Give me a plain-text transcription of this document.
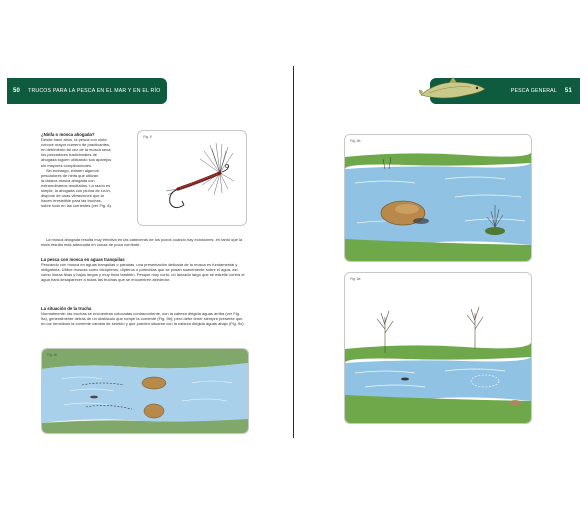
50 TRUCOS PARA LA PESCA EN EL MAR Y EN EL RÍO

¿Ninfa o mosca ahogada?

Desde hace años, la pesca con ninfa

conoce mayor número de practicantes,

en detrimento tal vez de la mosca seca;

los pescadores tradicionales de

ahogada siguen utilizando sus aparejos

sin mayores complicaciones.

Sin embargo, existen algunos

pescadores de ninfa que utilizan

la clásica mosca ahogada con

extraordinarios resultados. La razón es

simple, la ahogada con pluma de León,

dispone de unas vibraciones que la

hacen irresistible para las truchas,

sobre todo en las corrientes (ver Fig. 8).

Fig. 8

La mosca ahogada resulta muy efectiva en las cabeceras de los pozos cuando hay eclosiones, en tanto que la ninfa resulta más adecuada en zonas de poca corriente.

La pesca con mosca en aguas tranquilas

Pescando con mosca en aguas tranquilas o paradas, una presentación delicada de la mosca es fundamental y obligatoria. Utilice moscas como tricópteros, dípteros o parecidas que se posan suavemente sobre el agua, así como líneas finas y bajos largos y muy finos también. Pesque muy corto, un lanzado largo que se estrelle contra el agua hará desaparecer a todas las truchas que se encuentren alrededor.

La situación de la trucha

Normalmente, las truchas se encuentran colocadas contracorriente, con la cabeza dirigida aguas arriba (ver Fig. 9a), generalmente detrás de un obstáculo que rompe la corriente (Fig. 9b); pero debe tener siempre presente que en los remolinos la corriente cambia de sentido y que pueden situarse con la cabeza dirigida aguas abajo (Fig. 9c).

Fig. 9c
PESCA GENERAL 51
Fig. 9b
Fig. 9a
